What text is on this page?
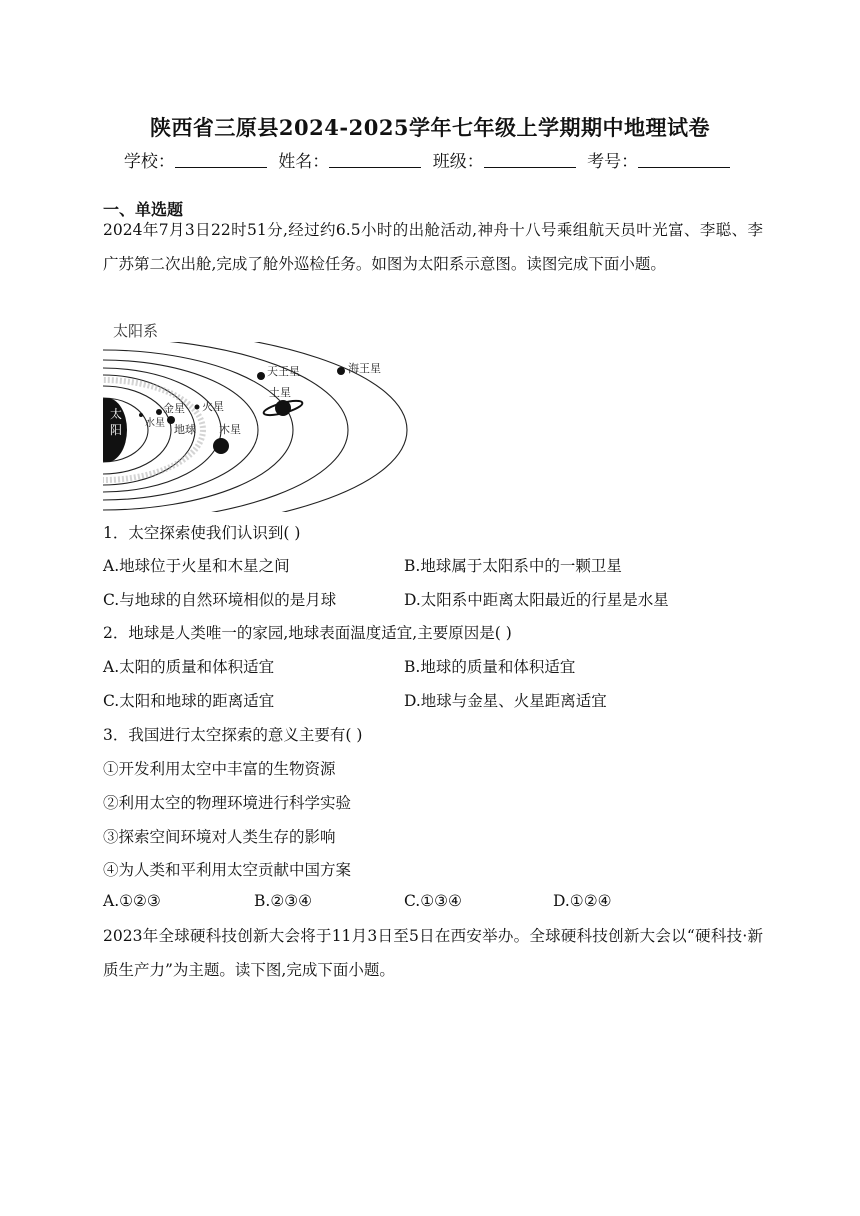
陕西省三原县2024-2025学年七年级上学期期中地理试卷
学校：	姓名：	班级：	考号：
一、单选题
2024年7月3日22时51分,经过约6.5小时的出舱活动,神舟十八号乘组航天员叶光富、李聪、李广苏第二次出舱,完成了舱外巡检任务。如图为太阳系示意图。读图完成下面小题。
太阳系
太
阳 水星
金星
地球
火星
木星
土星
天王星	海王星
1．太空探索使我们认识到( )
A.地球位于火星和木星之间	B.地球属于太阳系中的一颗卫星
C.与地球的自然环境相似的是月球	D.太阳系中距离太阳最近的行星是水星
2．地球是人类唯一的家园,地球表面温度适宜,主要原因是( )
A.太阳的质量和体积适宜	B.地球的质量和体积适宜
C.太阳和地球的距离适宜	D.地球与金星、火星距离适宜
3．我国进行太空探索的意义主要有( )
①开发利用太空中丰富的生物资源
②利用太空的物理环境进行科学实验
③探索空间环境对人类生存的影响
④为人类和平利用太空贡献中国方案
A.①②③	B.②③④	C.①③④	D.①②④
2023年全球硬科技创新大会将于11月3日至5日在西安举办。全球硬科技创新大会以“硬科技·新质生产力”为主题。读下图,完成下面小题。
